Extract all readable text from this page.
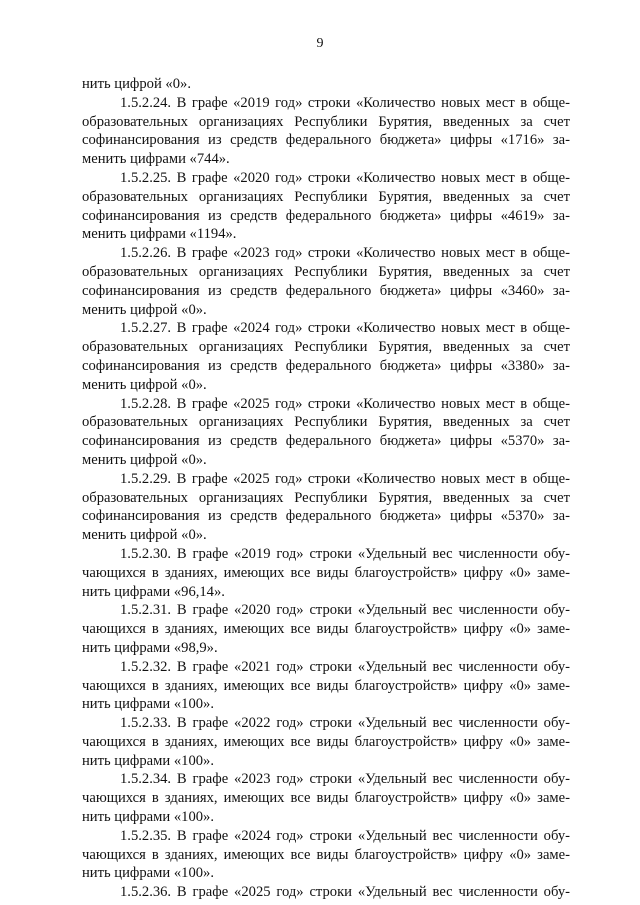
9
нить цифрой «0».
1.5.2.24. В графе «2019 год» строки «Количество новых мест в обще-
образовательных организациях Республики Бурятия, введенных за счет
софинансирования из средств федерального бюджета» цифры «1716» за-
менить цифрами «744».
1.5.2.25. В графе «2020 год» строки «Количество новых мест в обще-
образовательных организациях Республики Бурятия, введенных за счет
софинансирования из средств федерального бюджета» цифры «4619» за-
менить цифрами «1194».
1.5.2.26. В графе «2023 год» строки «Количество новых мест в обще-
образовательных организациях Республики Бурятия, введенных за счет
софинансирования из средств федерального бюджета» цифры «3460» за-
менить цифрой «0».
1.5.2.27. В графе «2024 год» строки «Количество новых мест в обще-
образовательных организациях Республики Бурятия, введенных за счет
софинансирования из средств федерального бюджета» цифры «3380» за-
менить цифрой «0».
1.5.2.28. В графе «2025 год» строки «Количество новых мест в обще-
образовательных организациях Республики Бурятия, введенных за счет
софинансирования из средств федерального бюджета» цифры «5370» за-
менить цифрой «0».
1.5.2.29. В графе «2025 год» строки «Количество новых мест в обще-
образовательных организациях Республики Бурятия, введенных за счет
софинансирования из средств федерального бюджета» цифры «5370» за-
менить цифрой «0».
1.5.2.30. В графе «2019 год» строки «Удельный вес численности обу-
чающихся в зданиях, имеющих все виды благоустройств» цифру «0» заме-
нить цифрами «96,14».
1.5.2.31. В графе «2020 год» строки «Удельный вес численности обу-
чающихся в зданиях, имеющих все виды благоустройств» цифру «0» заме-
нить цифрами «98,9».
1.5.2.32. В графе «2021 год» строки «Удельный вес численности обу-
чающихся в зданиях, имеющих все виды благоустройств» цифру «0» заме-
нить цифрами «100».
1.5.2.33. В графе «2022 год» строки «Удельный вес численности обу-
чающихся в зданиях, имеющих все виды благоустройств» цифру «0» заме-
нить цифрами «100».
1.5.2.34. В графе «2023 год» строки «Удельный вес численности обу-
чающихся в зданиях, имеющих все виды благоустройств» цифру «0» заме-
нить цифрами «100».
1.5.2.35. В графе «2024 год» строки «Удельный вес численности обу-
чающихся в зданиях, имеющих все виды благоустройств» цифру «0» заме-
нить цифрами «100».
1.5.2.36. В графе «2025 год» строки «Удельный вес численности обу-
